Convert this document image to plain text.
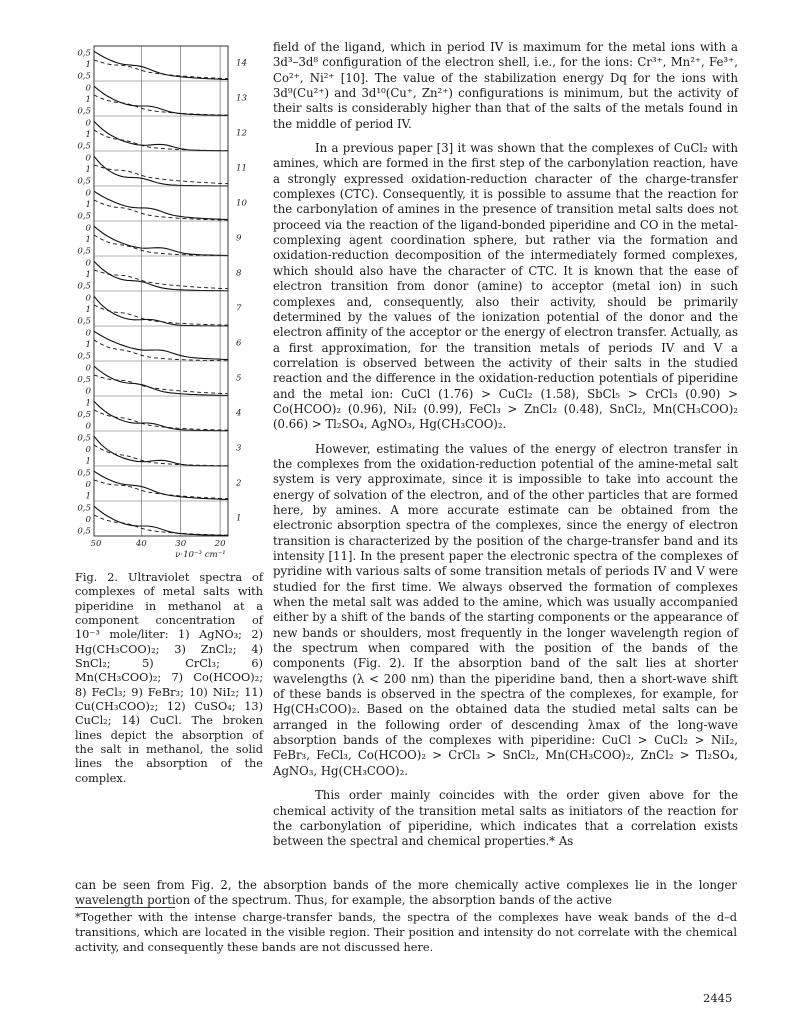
14
13
12
11
10
9
8
7
6
5
4
3
2
1
0,5
1
0,5
0
1
0,5
0
1
0,5
0
1
0,5
0
1
0,5
0
1
0,5
0
1
0,5
0
1
0,5
0
1
0,5
0
0,5
0
1
0,5
0
0,5
0
1
0,5
0
1
0,5
0
0,5
50	40	30	20
ν·10⁻³ cm⁻¹

Fig. 2. Ultraviolet spectra of complexes of metal salts with piperidine in methanol at a component concentration of 10⁻³ mole/liter: 1) AgNO₃; 2) Hg(CH₃COO)₂; 3) ZnCl₂; 4) SnCl₂; 5) CrCl₃; 6) Mn(CH₃COO)₂; 7) Co(HCOO)₂; 8) FeCl₃; 9) FeBr₃; 10) NiI₂; 11) Cu(CH₃COO)₂; 12) CuSO₄; 13) CuCl₂; 14) CuCl. The broken lines depict the absorption of the salt in methanol, the solid lines the absorption of the complex.

field of the ligand, which in period IV is maximum for the metal ions with a 3d³–3d⁸ configuration of the electron shell, i.e., for the ions: Cr³⁺, Mn²⁺, Fe³⁺, Co²⁺, Ni²⁺ [10]. The value of the stabilization energy Dq for the ions with 3d⁹(Cu²⁺) and 3d¹⁰(Cu⁺, Zn²⁺) configurations is minimum, but the activity of their salts is considerably higher than that of the salts of the metals found in the middle of period IV.

In a previous paper [3] it was shown that the complexes of CuCl₂ with amines, which are formed in the first step of the carbonylation reaction, have a strongly expressed oxidation-reduction character of the charge-transfer complexes (CTC). Consequently, it is possible to assume that the reaction for the carbonylation of amines in the presence of transition metal salts does not proceed via the reaction of the ligand-bonded piperidine and CO in the metal-complexing agent coordination sphere, but rather via the formation and oxidation-reduction decomposition of the intermediately formed complexes, which should also have the character of CTC. It is known that the ease of electron transition from donor (amine) to acceptor (metal ion) in such complexes and, consequently, also their activity, should be primarily determined by the values of the ionization potential of the donor and the electron affinity of the acceptor or the energy of electron transfer. Actually, as a first approximation, for the transition metals of periods IV and V a correlation is observed between the activity of their salts in the studied reaction and the difference in the oxidation-reduction potentials of piperidine and the metal ion: CuCl (1.76) > CuCl₂ (1.58), SbCl₅ > CrCl₃ (0.90) > Co(HCOO)₂ (0.96), NiI₂ (0.99), FeCl₃ > ZnCl₂ (0.48), SnCl₂, Mn(CH₃COO)₂ (0.66) > Tl₂SO₄, AgNO₃, Hg(CH₃COO)₂.

However, estimating the values of the energy of electron transfer in the complexes from the oxidation-reduction potential of the amine-metal salt system is very approximate, since it is impossible to take into account the energy of solvation of the electron, and of the other particles that are formed here, by amines. A more accurate estimate can be obtained from the electronic absorption spectra of the complexes, since the energy of electron transition is characterized by the position of the charge-transfer band and its intensity [11]. In the present paper the electronic spectra of the complexes of pyridine with various salts of some transition metals of periods IV and V were studied for the first time. We always observed the formation of complexes when the metal salt was added to the amine, which was usually accompanied either by a shift of the bands of the starting components or the appearance of new bands or shoulders, most frequently in the longer wavelength region of the spectrum when compared with the position of the bands of the components (Fig. 2). If the absorption band of the salt lies at shorter wavelengths (λ < 200 nm) than the piperidine band, then a short-wave shift of these bands is observed in the spectra of the complexes, for example, for Hg(CH₃COO)₂. Based on the obtained data the studied metal salts can be arranged in the following order of descending λmax of the long-wave absorption bands of the complexes with piperidine: CuCl > CuCl₂ > NiI₂, FeBr₃, FeCl₃, Co(HCOO)₂ > CrCl₃ > SnCl₂, Mn(CH₃COO)₂, ZnCl₂ > Tl₂SO₄, AgNO₃, Hg(CH₃COO)₂.

This order mainly coincides with the order given above for the chemical activity of the transition metal salts as initiators of the reaction for the carbonylation of piperidine, which indicates that a correlation exists between the spectral and chemical properties.* As

can be seen from Fig. 2, the absorption bands of the more chemically active complexes lie in the longer wavelength portion of the spectrum. Thus, for example, the absorption bands of the active

*Together with the intense charge-transfer bands, the spectra of the complexes have weak bands of the d–d transitions, which are located in the visible region. Their position and intensity do not correlate with the chemical activity, and consequently these bands are not discussed here.

2445
